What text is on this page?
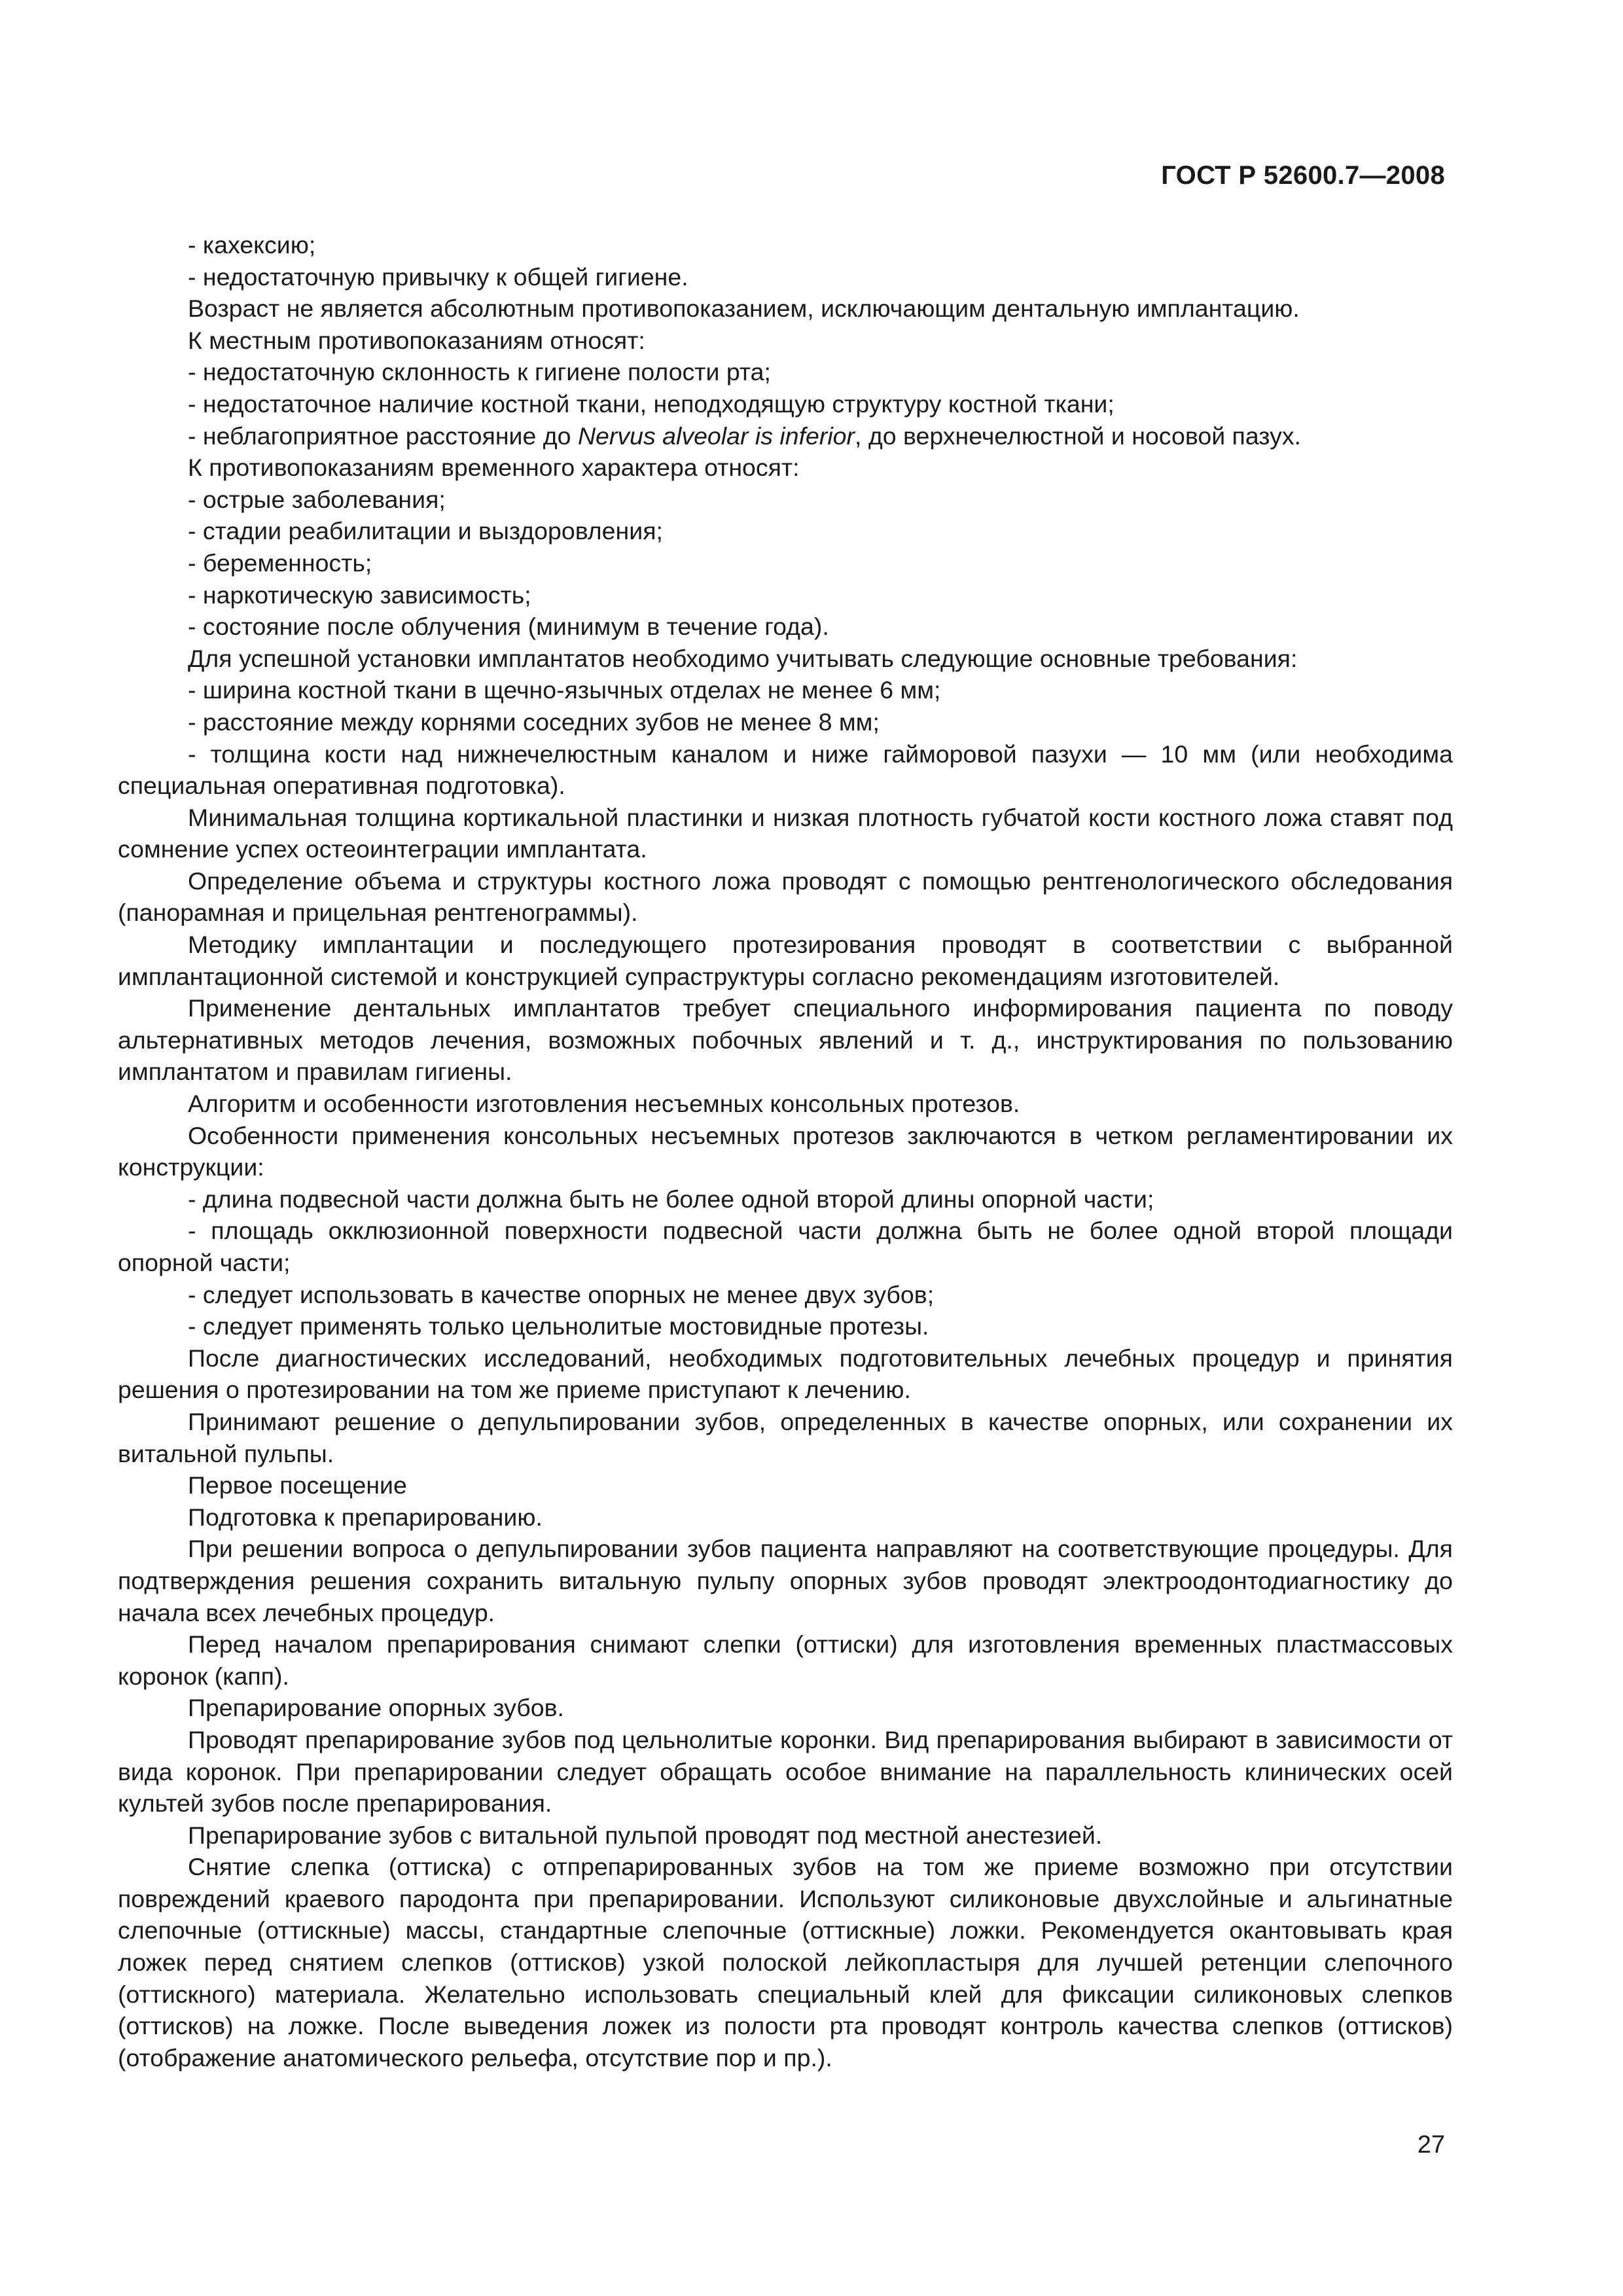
ГОСТ Р 52600.7—2008

- кахексию;

- недостаточную привычку к общей гигиене.

Возраст не является абсолютным противопоказанием, исключающим дентальную имплантацию.

К местным противопоказаниям относят:

- недостаточную склонность к гигиене полости рта;

- недостаточное наличие костной ткани, неподходящую структуру костной ткани;

- неблагоприятное расстояние до Nervus alveolar is inferior, до верхнечелюстной и носовой пазух.

К противопоказаниям временного характера относят:

- острые заболевания;

- стадии реабилитации и выздоровления;

- беременность;

- наркотическую зависимость;

- состояние после облучения (минимум в течение года).

Для успешной установки имплантатов необходимо учитывать следующие основные требования:

- ширина костной ткани в щечно-язычных отделах не менее 6 мм;

- расстояние между корнями соседних зубов не менее 8 мм;

- толщина кости над нижнечелюстным каналом и ниже гайморовой пазухи — 10 мм (или необходима специальная оперативная подготовка).

Минимальная толщина кортикальной пластинки и низкая плотность губчатой кости костного ложа ставят под сомнение успех остеоинтеграции имплантата.

Определение объема и структуры костного ложа проводят с помощью рентгенологического обследования (панорамная и прицельная рентгенограммы).

Методику имплантации и последующего протезирования проводят в соответствии с выбранной имплантационной системой и конструкцией супраструктуры согласно рекомендациям изготовителей.

Применение дентальных имплантатов требует специального информирования пациента по поводу альтернативных методов лечения, возможных побочных явлений и т. д., инструктирования по пользованию имплантатом и правилам гигиены.

Алгоритм и особенности изготовления несъемных консольных протезов.

Особенности применения консольных несъемных протезов заключаются в четком регламентировании их конструкции:

- длина подвесной части должна быть не более одной второй длины опорной части;

- площадь окклюзионной поверхности подвесной части должна быть не более одной второй площади опорной части;

- следует использовать в качестве опорных не менее двух зубов;

- следует применять только цельнолитые мостовидные протезы.

После диагностических исследований, необходимых подготовительных лечебных процедур и принятия решения о протезировании на том же приеме приступают к лечению.

Принимают решение о депульпировании зубов, определенных в качестве опорных, или сохранении их витальной пульпы.

Первое посещение

Подготовка к препарированию.

При решении вопроса о депульпировании зубов пациента направляют на соответствующие процедуры. Для подтверждения решения сохранить витальную пульпу опорных зубов проводят электроодонтодиагностику до начала всех лечебных процедур.

Перед началом препарирования снимают слепки (оттиски) для изготовления временных пластмассовых коронок (капп).

Препарирование опорных зубов.

Проводят препарирование зубов под цельнолитые коронки. Вид препарирования выбирают в зависимости от вида коронок. При препарировании следует обращать особое внимание на параллельность клинических осей культей зубов после препарирования.

Препарирование зубов с витальной пульпой проводят под местной анестезией.

Снятие слепка (оттиска) с отпрепарированных зубов на том же приеме возможно при отсутствии повреждений краевого пародонта при препарировании. Используют силиконовые двухслойные и альгинатные слепочные (оттискные) массы, стандартные слепочные (оттискные) ложки. Рекомендуется окантовывать края ложек перед снятием слепков (оттисков) узкой полоской лейкопластыря для лучшей ретенции слепочного (оттискного) материала. Желательно использовать специальный клей для фиксации силиконовых слепков (оттисков) на ложке. После выведения ложек из полости рта проводят контроль качества слепков (оттисков) (отображение анатомического рельефа, отсутствие пор и пр.).

27
